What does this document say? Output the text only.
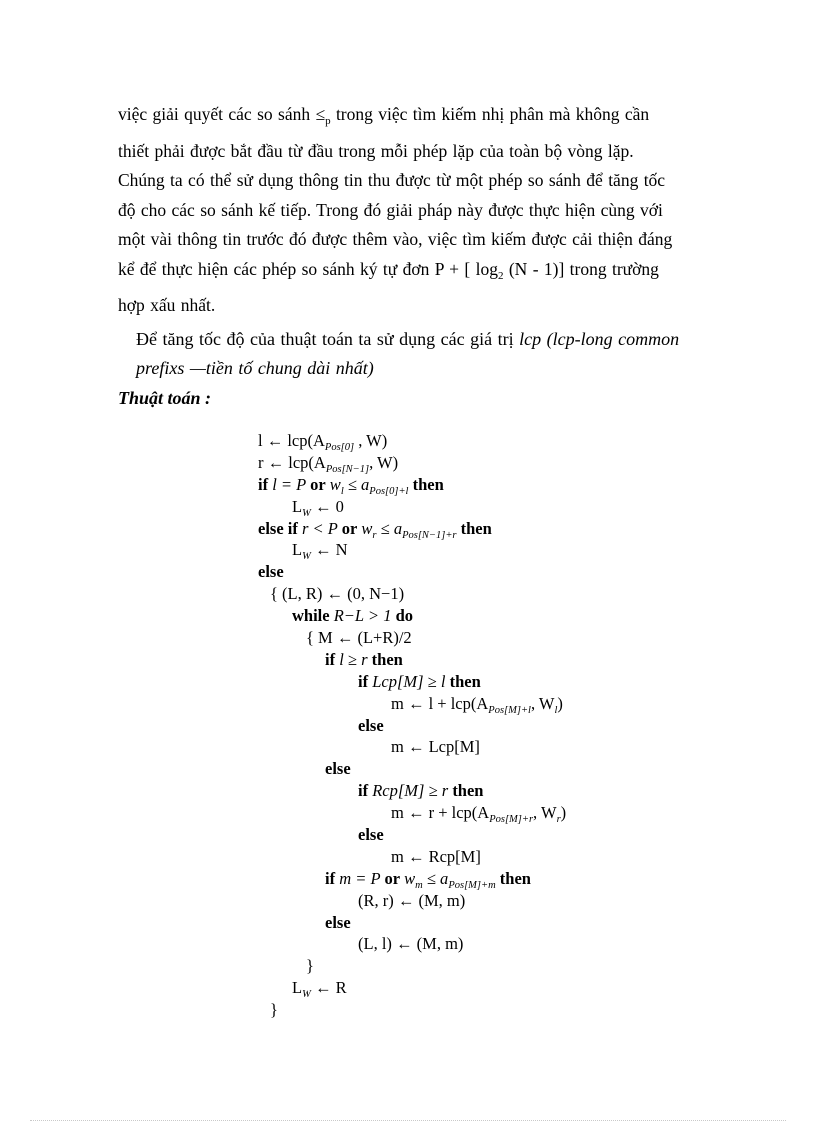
việc giải quyết các so sánh $\le_p$ trong việc tìm kiếm nhị phân mà không cần
thiết phải được bắt đầu từ đầu trong mỗi phép lặp của toàn bộ vòng lặp.
Chúng ta có thể sử dụng thông tin thu được từ một phép so sánh để tăng tốc
độ cho các so sánh kế tiếp. Trong đó giải pháp này được thực hiện cùng với
một vài thông tin trước đó được thêm vào, việc tìm kiếm được cải thiện đáng
kể để thực hiện các phép so sánh ký tự đơn P + [ $\log_2 (N - 1)$] trong trường
hợp xấu nhất.
Để tăng tốc độ của thuật toán ta sử dụng các giá trị lcp (lcp-long common
prefixs —tiền tố chung dài nhất)
Thuật toán :
l ← $lcp(A_{Pos[0]}$ , W)
r ← $lcp(A_{Pos[N-1]}$, W)
if l = P or $w_l \le a_{Pos[0]+l}$ then
$L_W$ ← 0
else if r < P or $w_r \le a_{Pos[N-1]+r}$ then
$L_W$ ← N
else
{ (L, R) ← (0, N−1)
while R−L > 1 do
{ M ← (L+R)/2
if l ≥ r then
if Lcp[M] ≥ l then
m ← $l + lcp(A_{Pos[M]+l}$, $W_l$)
else
m ← Lcp[M]
else
if Rcp[M] ≥ r then
m ← $r + lcp(A_{Pos[M]+r}$, $W_r$)
else
m ← Rcp[M]
if m = P or $w_m \le a_{Pos[M]+m}$ then
(R, r) ← (M, m)
else
(L, l) ← (M, m)
}
$L_W$ ← R
}
